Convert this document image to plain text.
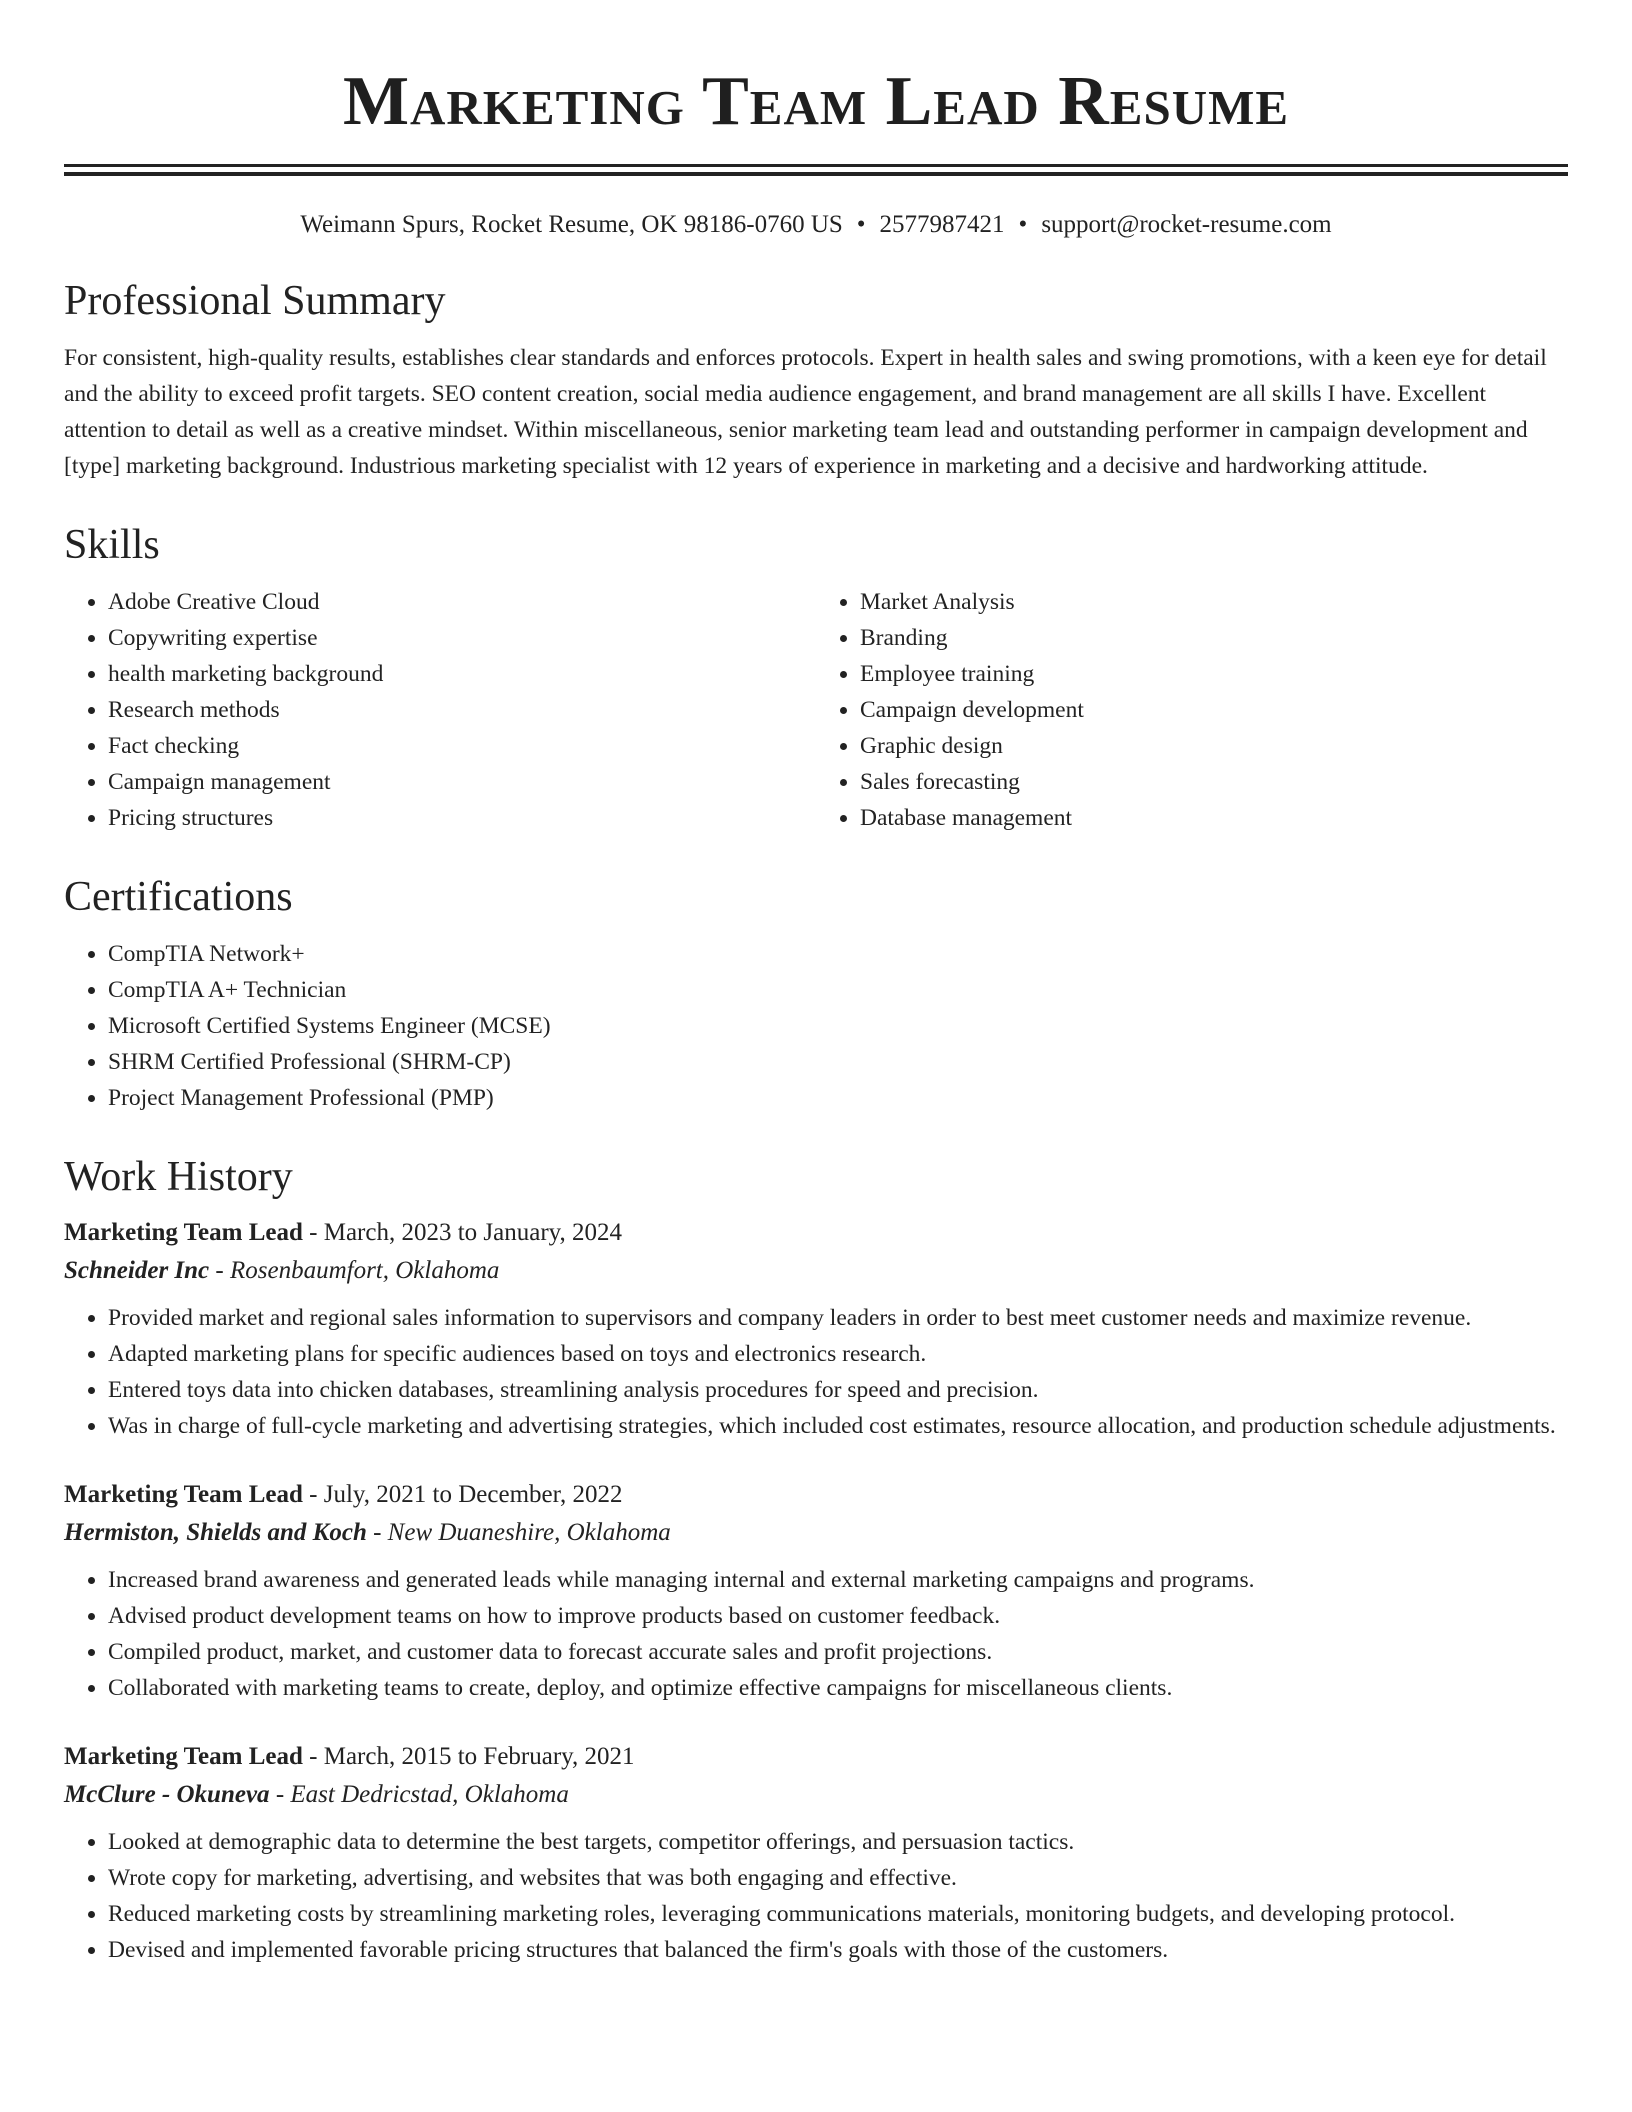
Marketing Team Lead Resume
Weimann Spurs, Rocket Resume, OK 98186-0760 US • 2577987421 • support@rocket-resume.com
Professional Summary

For consistent, high-quality results, establishes clear standards and enforces protocols. Expert in health sales and swing promotions, with a keen eye for detail and the ability to exceed profit targets. SEO content creation, social media audience engagement, and brand management are all skills I have. Excellent attention to detail as well as a creative mindset. Within miscellaneous, senior marketing team lead and outstanding performer in campaign development and [type] marketing background. Industrious marketing specialist with 12 years of experience in marketing and a decisive and hardworking attitude.

Skills
• Adobe Creative Cloud
• Copywriting expertise
• health marketing background
• Research methods
• Fact checking
• Campaign management
• Pricing structures
• Market Analysis
• Branding
• Employee training
• Campaign development
• Graphic design
• Sales forecasting
• Database management
Certifications
• CompTIA Network+
• CompTIA A+ Technician
• Microsoft Certified Systems Engineer (MCSE)
• SHRM Certified Professional (SHRM-CP)
• Project Management Professional (PMP)
Work History

Marketing Team Lead - March, 2023 to January, 2024

Schneider Inc - Rosenbaumfort, Oklahoma

• Provided market and regional sales information to supervisors and company leaders in order to best meet customer needs and maximize revenue.
• Adapted marketing plans for specific audiences based on toys and electronics research.
• Entered toys data into chicken databases, streamlining analysis procedures for speed and precision.
• Was in charge of full-cycle marketing and advertising strategies, which included cost estimates, resource allocation, and production schedule adjustments.

Marketing Team Lead - July, 2021 to December, 2022

Hermiston, Shields and Koch - New Duaneshire, Oklahoma

• Increased brand awareness and generated leads while managing internal and external marketing campaigns and programs.
• Advised product development teams on how to improve products based on customer feedback.
• Compiled product, market, and customer data to forecast accurate sales and profit projections.
• Collaborated with marketing teams to create, deploy, and optimize effective campaigns for miscellaneous clients.

Marketing Team Lead - March, 2015 to February, 2021

McClure - Okuneva - East Dedricstad, Oklahoma

• Looked at demographic data to determine the best targets, competitor offerings, and persuasion tactics.
• Wrote copy for marketing, advertising, and websites that was both engaging and effective.
• Reduced marketing costs by streamlining marketing roles, leveraging communications materials, monitoring budgets, and developing protocol.
• Devised and implemented favorable pricing structures that balanced the firm's goals with those of the customers.
